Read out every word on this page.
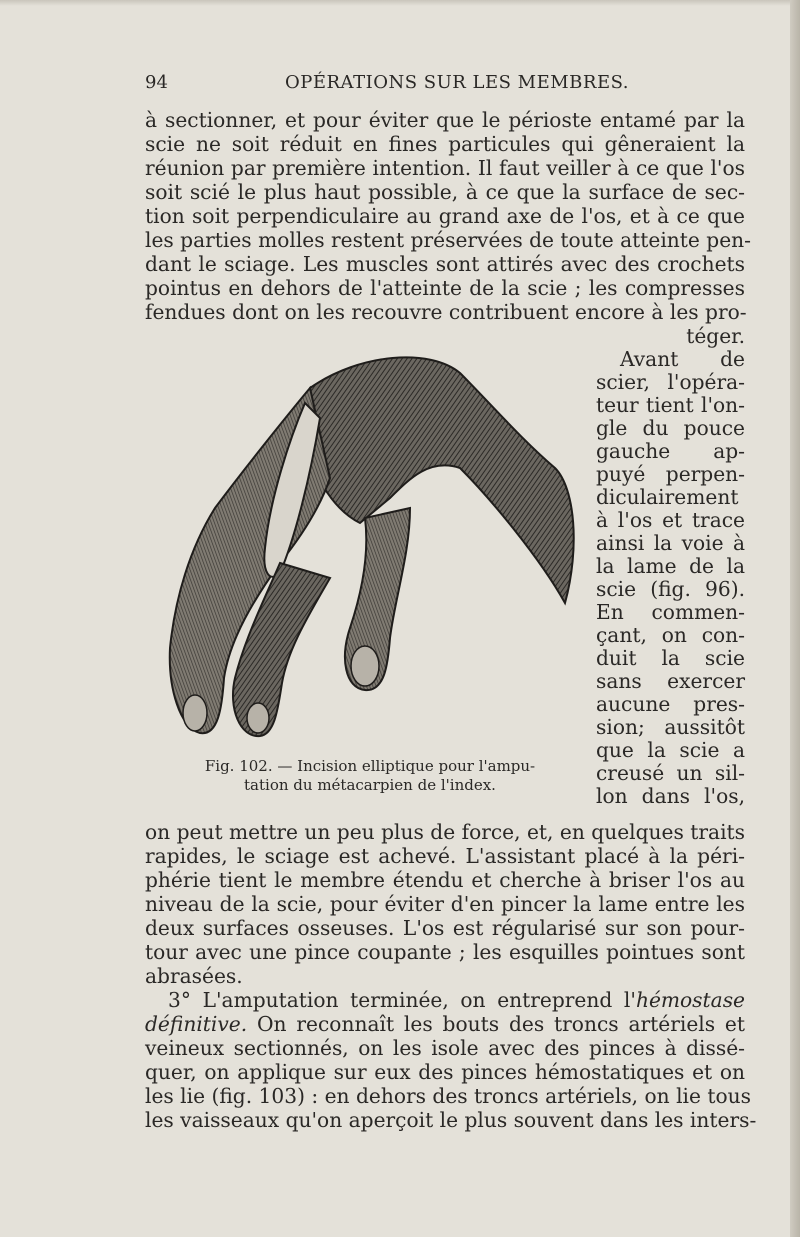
94	OPÉRATIONS SUR LES MEMBRES.
à sectionner, et pour éviter que le périoste entamé par la
scie ne soit réduit en fines particules qui gêneraient la
réunion par première intention. Il faut veiller à ce que l'os
soit scié le plus haut possible, à ce que la surface de sec-
tion soit perpendiculaire au grand axe de l'os, et à ce que
les parties molles restent préservées de toute atteinte pen-
dant le sciage. Les muscles sont attirés avec des crochets
pointus en dehors de l'atteinte de la scie ; les compresses
fendues dont on les recouvre contribuent encore à les pro-
téger.
Avant de
scier, l'opéra-
teur tient l'on-
gle du pouce
gauche ap-
puyé perpen-
diculairement
à l'os et trace
ainsi la voie à
la lame de la
scie (fig. 96).
En commen-
çant, on con-
duit la scie
sans exercer
aucune pres-
sion; aussitôt
que la scie a
creusé un sil-
lon dans l'os,
Fig. 102. — Incision elliptique pour l'ampu-
tation du métacarpien de l'index.
on peut mettre un peu plus de force, et, en quelques traits
rapides, le sciage est achevé. L'assistant placé à la péri-
phérie tient le membre étendu et cherche à briser l'os au
niveau de la scie, pour éviter d'en pincer la lame entre les
deux surfaces osseuses. L'os est régularisé sur son pour-
tour avec une pince coupante ; les esquilles pointues sont
abrasées.
3° L'amputation terminée, on entreprend l'hémostase
définitive. On reconnaît les bouts des troncs artériels et
veineux sectionnés, on les isole avec des pinces à dissé-
quer, on applique sur eux des pinces hémostatiques et on
les lie (fig. 103) : en dehors des troncs artériels, on lie tous
les vaisseaux qu'on aperçoit le plus souvent dans les inters-
